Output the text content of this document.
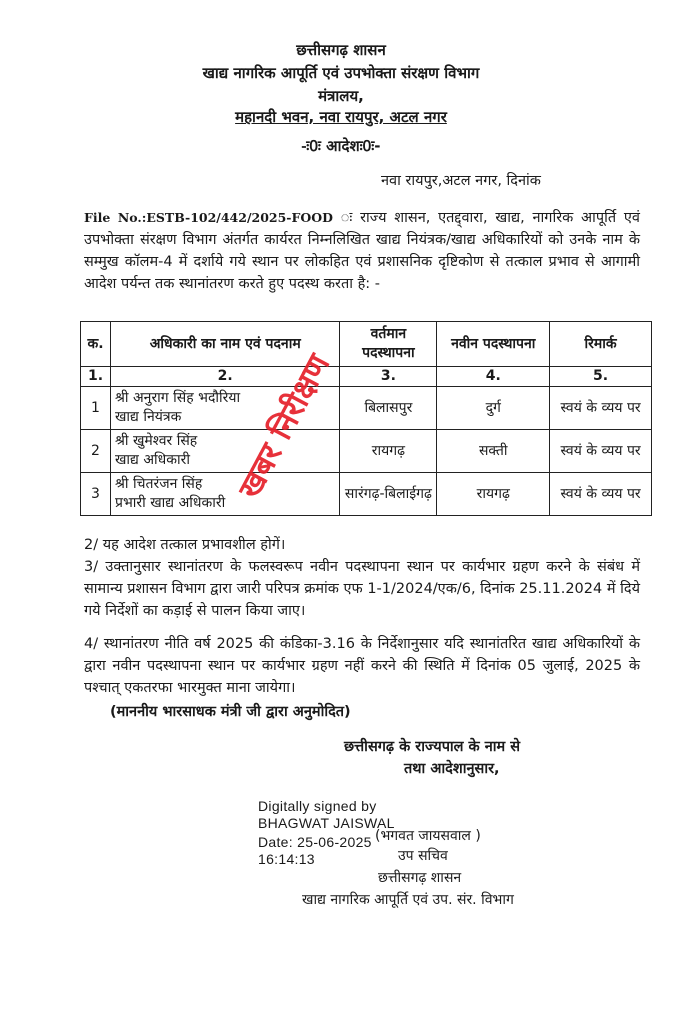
छत्तीसगढ़ शासन
खाद्य नागरिक आपूर्ति एवं उपभोक्ता संरक्षण विभाग
मंत्रालय,
महानदी भवन, नवा रायपुर, अटल नगर
-ः0ः आदेशः0ः-
नवा रायपुर,अटल नगर, दिनांक
File No.:ESTB-102/442/2025-FOOD ः राज्य शासन, एतद्द्वारा, खाद्य, नागरिक आपूर्ति एवं उपभोक्ता संरक्षण विभाग अंतर्गत कार्यरत निम्नलिखित खाद्य नियंत्रक/खाद्य अधिकारियों को उनके नाम के सम्मुख कॉलम-4 में दर्शाये गये स्थान पर लोकहित एवं प्रशासनिक दृष्टिकोण से तत्काल प्रभाव से आगामी आदेश पर्यन्त तक स्थानांतरण करते हुए पदस्थ करता है: -
क.	अधिकारी का नाम एवं पदनाम	वर्तमान पदस्थापना	नवीन पदस्थापना	रिमार्क
1.	2.	3.	4.	5.
1	श्री अनुराग सिंह भदौरिया
खाद्य नियंत्रक	बिलासपुर	दुर्ग	स्वयं के व्यय पर
2	श्री खुमेश्वर सिंह
खाद्य अधिकारी	रायगढ़	सक्ती	स्वयं के व्यय पर
3	श्री चितरंजन सिंह
प्रभारी खाद्य अधिकारी	सारंगढ़-बिलाईगढ़	रायगढ़	स्वयं के व्यय पर
खबर निरीक्षण
2/ यह आदेश तत्काल प्रभावशील होगें।
3/ उक्तानुसार स्थानांतरण के फलस्वरूप नवीन पदस्थापना स्थान पर कार्यभार ग्रहण करने के संबंध में सामान्य प्रशासन विभाग द्वारा जारी परिपत्र क्रमांक एफ 1-1/2024/एक/6, दिनांक 25.11.2024 में दिये गये निर्देशों का कड़ाई से पालन किया जाए।
4/ स्थानांतरण नीति वर्ष 2025 की कंडिका-3.16 के निर्देशानुसार यदि स्थानांतरित खाद्य अधिकारियों के द्वारा नवीन पदस्थापना स्थान पर कार्यभार ग्रहण नहीं करने की स्थिति में दिनांक 05 जुलाई, 2025 के पश्चात् एकतरफा भारमुक्त माना जायेगा।
(माननीय भारसाधक मंत्री जी द्वारा अनुमोदित)
छत्तीसगढ़ के राज्यपाल के नाम से
तथा आदेशानुसार,
Digitally signed by
BHAGWAT JAISWAL
Date: 25-06-2025
16:14:13
(भगवत जायसवाल )
उप सचिव
छत्तीसगढ़ शासन
खाद्य नागरिक आपूर्ति एवं उप. संर. विभाग
